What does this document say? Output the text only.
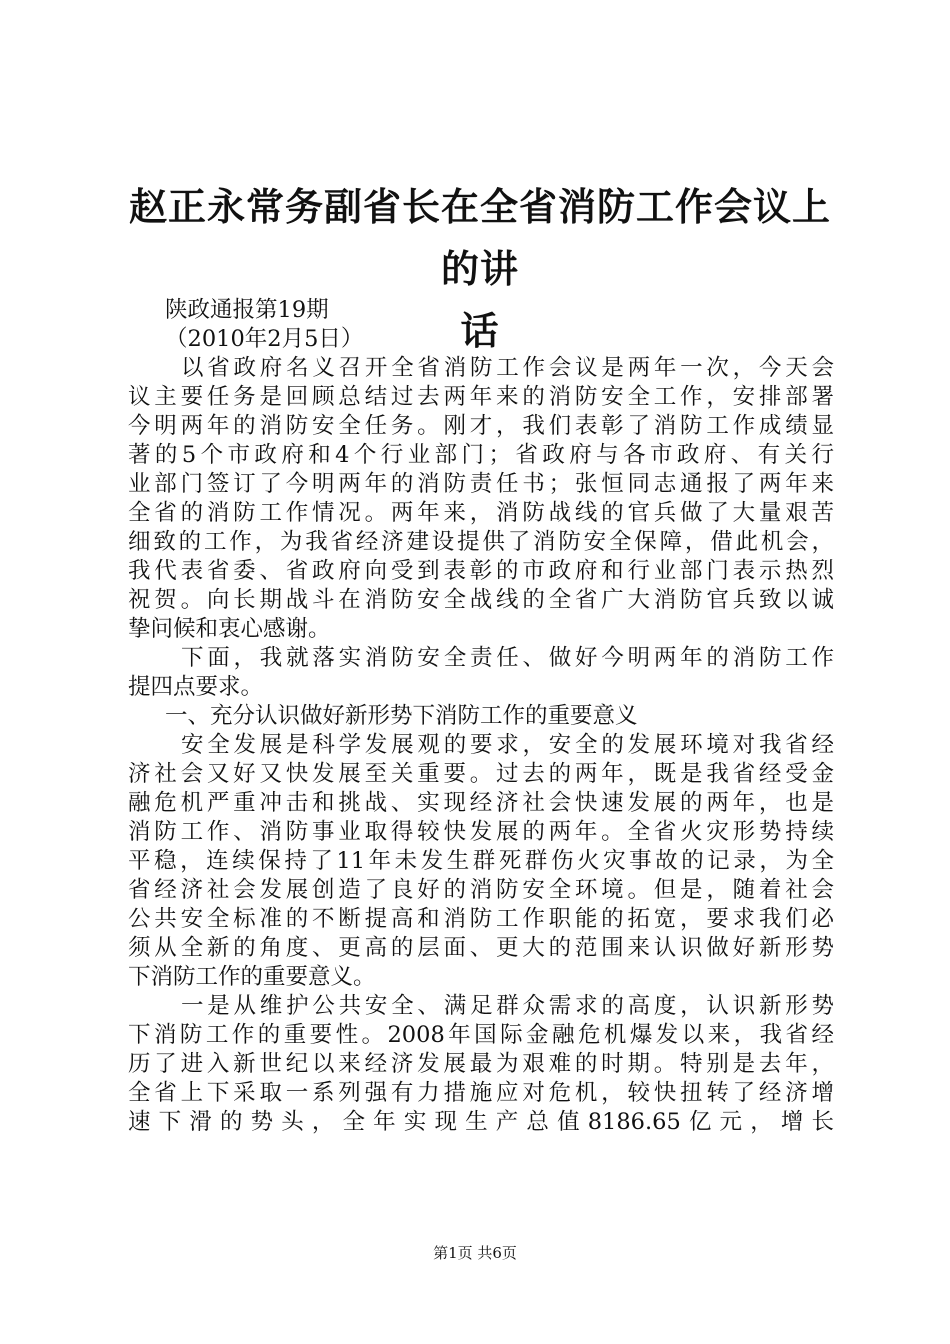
赵正永常务副省长在全省消防工作会议上的讲
话
陕政通报第19期
（2010年2月5日）
以省政府名义召开全省消防工作会议是两年一次，今天会
议主要任务是回顾总结过去两年来的消防安全工作，安排部署
今明两年的消防安全任务。刚才，我们表彰了消防工作成绩显
著的5个市政府和4个行业部门；省政府与各市政府、有关行
业部门签订了今明两年的消防责任书；张恒同志通报了两年来
全省的消防工作情况。两年来，消防战线的官兵做了大量艰苦
细致的工作，为我省经济建设提供了消防安全保障，借此机会，
我代表省委、省政府向受到表彰的市政府和行业部门表示热烈
祝贺。向长期战斗在消防安全战线的全省广大消防官兵致以诚
挚问候和衷心感谢。
下面，我就落实消防安全责任、做好今明两年的消防工作
提四点要求。
一、充分认识做好新形势下消防工作的重要意义
安全发展是科学发展观的要求，安全的发展环境对我省经
济社会又好又快发展至关重要。过去的两年，既是我省经受金
融危机严重冲击和挑战、实现经济社会快速发展的两年，也是
消防工作、消防事业取得较快发展的两年。全省火灾形势持续
平稳，连续保持了11年未发生群死群伤火灾事故的记录，为全
省经济社会发展创造了良好的消防安全环境。但是，随着社会
公共安全标准的不断提高和消防工作职能的拓宽，要求我们必
须从全新的角度、更高的层面、更大的范围来认识做好新形势
下消防工作的重要意义。
一是从维护公共安全、满足群众需求的高度，认识新形势
下消防工作的重要性。2008年国际金融危机爆发以来，我省经
历了进入新世纪以来经济发展最为艰难的时期。特别是去年，
全省上下采取一系列强有力措施应对危机，较快扭转了经济增
速下滑的势头，全年实现生产总值8186.65亿元，增长
第1页 共6页
